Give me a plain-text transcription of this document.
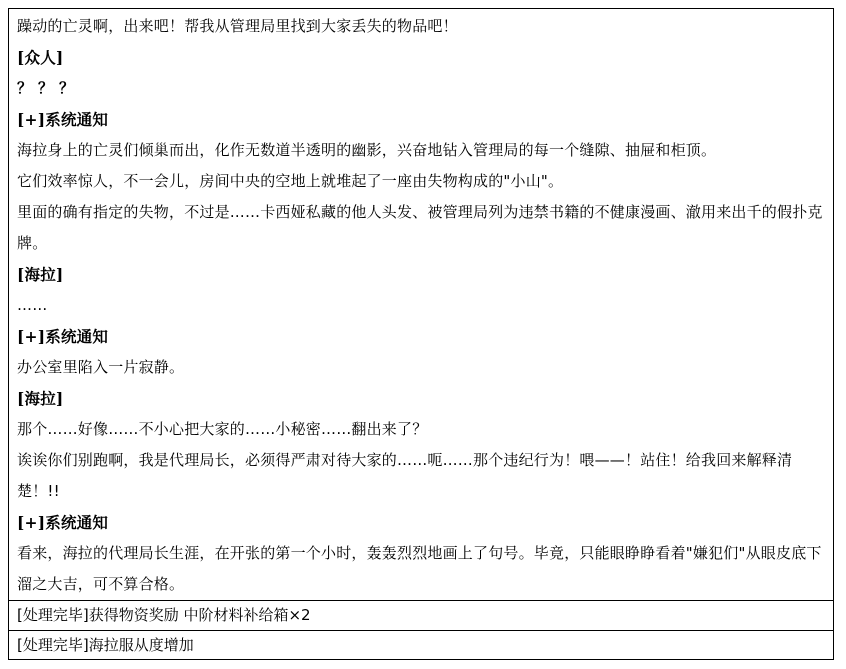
躁动的亡灵啊，出来吧！帮我从管理局里找到大家丢失的物品吧！

[众人]

？？？

[+]系统通知

海拉身上的亡灵们倾巢而出，化作无数道半透明的幽影，兴奋地钻入管理局的每一个缝隙、抽屉和柜顶。

它们效率惊人，不一会儿，房间中央的空地上就堆起了一座由失物构成的"小山"。

里面的确有指定的失物，不过是……卡西娅私藏的他人头发、被管理局列为违禁书籍的不健康漫画、澈用来出千的假扑克牌。

[海拉]

……

[+]系统通知

办公室里陷入一片寂静。

[海拉]

那个……好像……不小心把大家的……小秘密……翻出来了？

诶诶你们别跑啊，我是代理局长，必须得严肃对待大家的……呃……那个违纪行为！喂——！站住！给我回来解释清楚！!!

[+]系统通知

看来，海拉的代理局长生涯，在开张的第一个小时，轰轰烈烈地画上了句号。毕竟，只能眼睁睁看着"嫌犯们"从眼皮底下溜之大吉，可不算合格。

[处理完毕]获得物资奖励 中阶材料补给箱×2
[处理完毕]海拉服从度增加
